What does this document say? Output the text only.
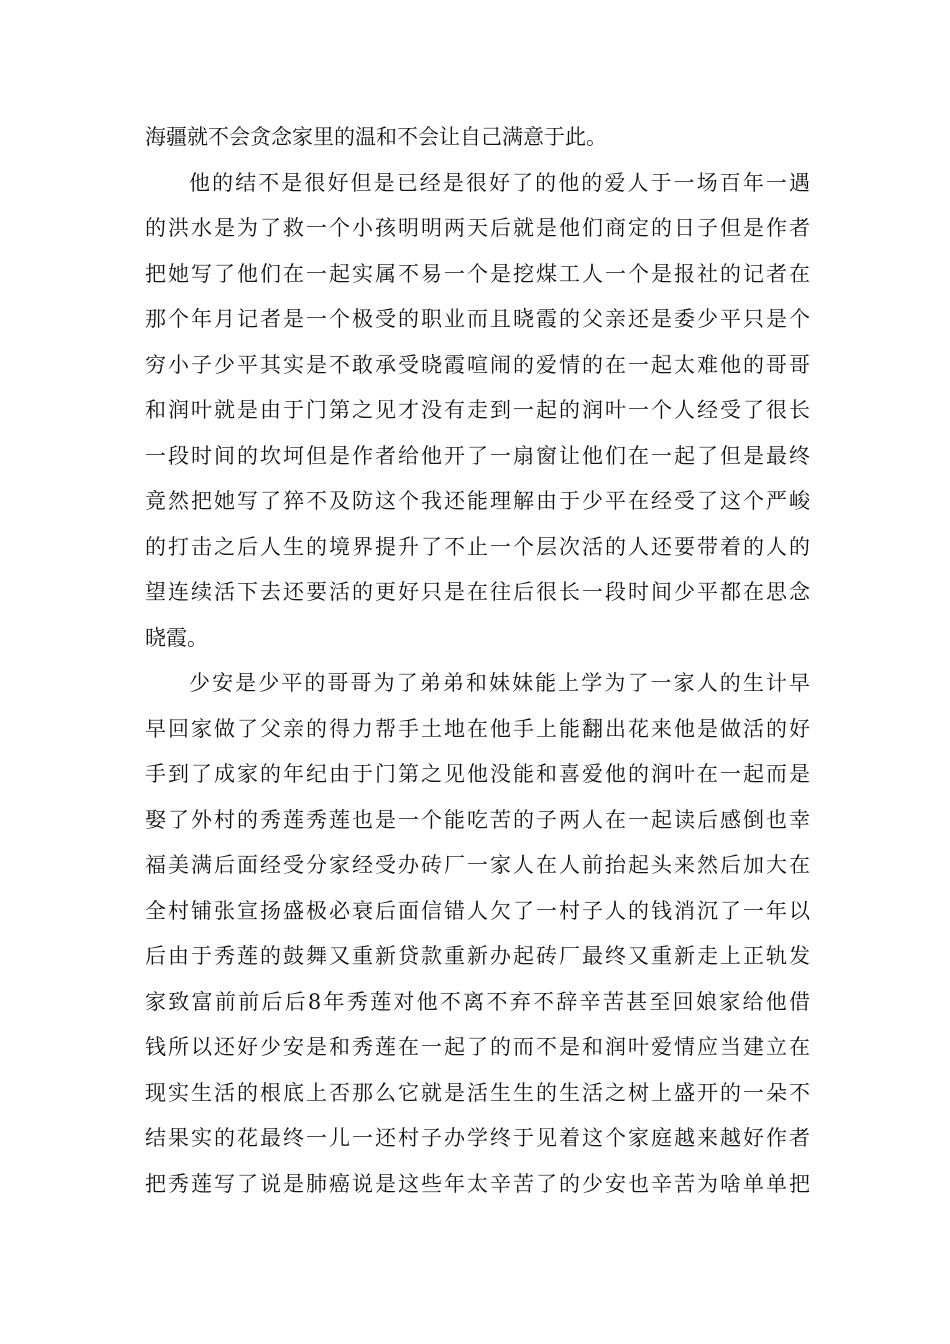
海疆就不会贪念家里的温和不会让自己满意于此。
他的结不是很好但是已经是很好了的他的爱人于一场百年一遇
的洪水是为了救一个小孩明明两天后就是他们商定的日子但是作者
把她写了他们在一起实属不易一个是挖煤工人一个是报社的记者在
那个年月记者是一个极受的职业而且晓霞的父亲还是委少平只是个
穷小子少平其实是不敢承受晓霞喧闹的爱情的在一起太难他的哥哥
和润叶就是由于门第之见才没有走到一起的润叶一个人经受了很长
一段时间的坎坷但是作者给他开了一扇窗让他们在一起了但是最终
竟然把她写了猝不及防这个我还能理解由于少平在经受了这个严峻
的打击之后人生的境界提升了不止一个层次活的人还要带着的人的
望连续活下去还要活的更好只是在往后很长一段时间少平都在思念
晓霞。
少安是少平的哥哥为了弟弟和妹妹能上学为了一家人的生计早
早回家做了父亲的得力帮手土地在他手上能翻出花来他是做活的好
手到了成家的年纪由于门第之见他没能和喜爱他的润叶在一起而是
娶了外村的秀莲秀莲也是一个能吃苦的子两人在一起读后感倒也幸
福美满后面经受分家经受办砖厂一家人在人前抬起头来然后加大在
全村铺张宣扬盛极必衰后面信错人欠了一村子人的钱消沉了一年以
后由于秀莲的鼓舞又重新贷款重新办起砖厂最终又重新走上正轨发
家致富前前后后8年秀莲对他不离不弃不辞辛苦甚至回娘家给他借
钱所以还好少安是和秀莲在一起了的而不是和润叶爱情应当建立在
现实生活的根底上否那么它就是活生生的生活之树上盛开的一朵不
结果实的花最终一儿一还村子办学终于见着这个家庭越来越好作者
把秀莲写了说是肺癌说是这些年太辛苦了的少安也辛苦为啥单单把
